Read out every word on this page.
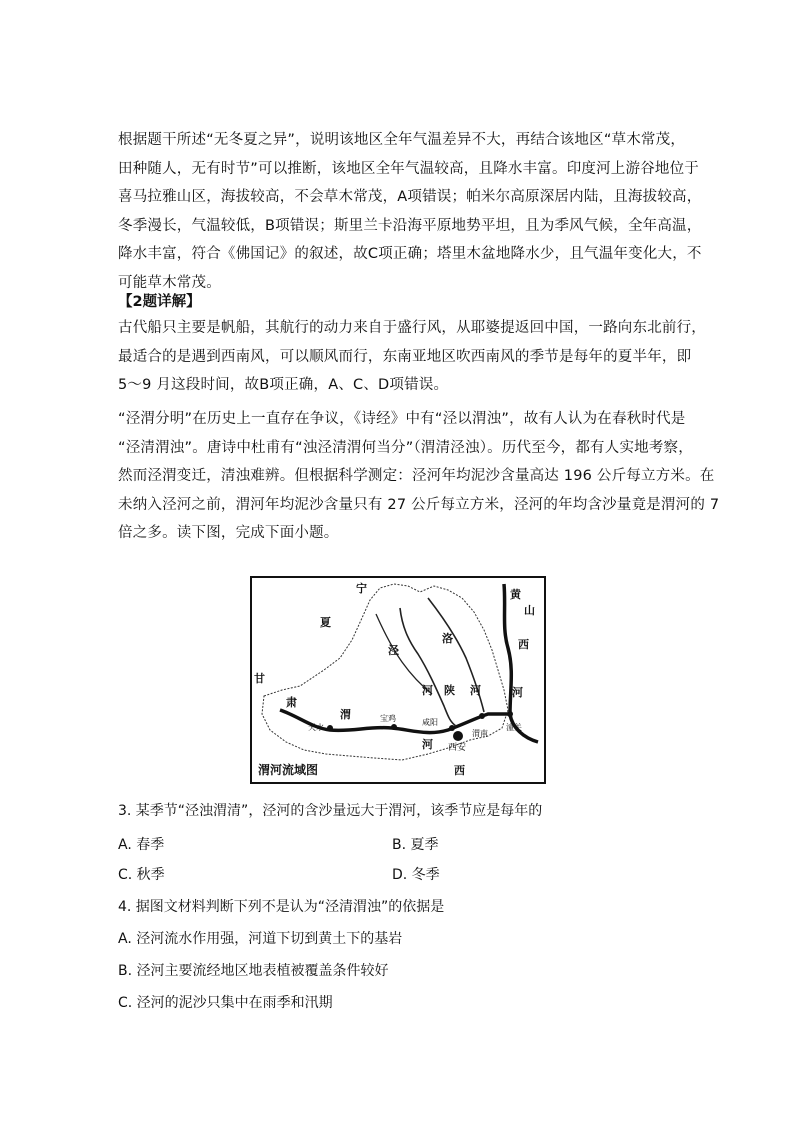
根据题干所述“无冬夏之异”，说明该地区全年气温差异不大，再结合该地区“草木常茂，
田种随人，无有时节”可以推断，该地区全年气温较高，且降水丰富。印度河上游谷地位于
喜马拉雅山区，海拔较高，不会草木常茂，A项错误；帕米尔高原深居内陆，且海拔较高，
冬季漫长，气温较低，B项错误；斯里兰卡沿海平原地势平坦，且为季风气候，全年高温，
降水丰富，符合《佛国记》的叙述，故C项正确；塔里木盆地降水少，且气温年变化大，不
可能草木常茂。
【2题详解】
古代船只主要是帆船，其航行的动力来自于盛行风，从耶婆提返回中国，一路向东北前行，
最适合的是遇到西南风，可以顺风而行，东南亚地区吹西南风的季节是每年的夏半年，即
5～9 月这段时间，故B项正确，A、C、D项错误。
“泾渭分明”在历史上一直存在争议，《诗经》中有“泾以渭浊”，故有人认为在春秋时代是
“泾清渭浊”。唐诗中杜甫有“浊泾清渭何当分”（渭清泾浊）。历代至今，都有人实地考察，
然而泾渭变迁，清浊难辨。但根据科学测定：泾河年均泥沙含量高达 196 公斤每立方米。在
未纳入泾河之前，渭河年均泥沙含量只有 27 公斤每立方米，泾河的年均含沙量竟是渭河的 7
倍之多。读下图，完成下面小题。
宁
夏
甘
肃
黄
山
西
河
泾
河
洛
陕 河
渭
河
西
天水
宝鸡	咸阳
西安
渭南
潼关
渭河流域图
3. 某季节“泾浊渭清”，泾河的含沙量远大于渭河，该季节应是每年的
A. 春季	B. 夏季
C. 秋季	D. 冬季
4. 据图文材料判断下列不是认为“泾清渭浊”的依据是
A. 泾河流水作用强，河道下切到黄土下的基岩
B. 泾河主要流经地区地表植被覆盖条件较好
C. 泾河的泥沙只集中在雨季和汛期
